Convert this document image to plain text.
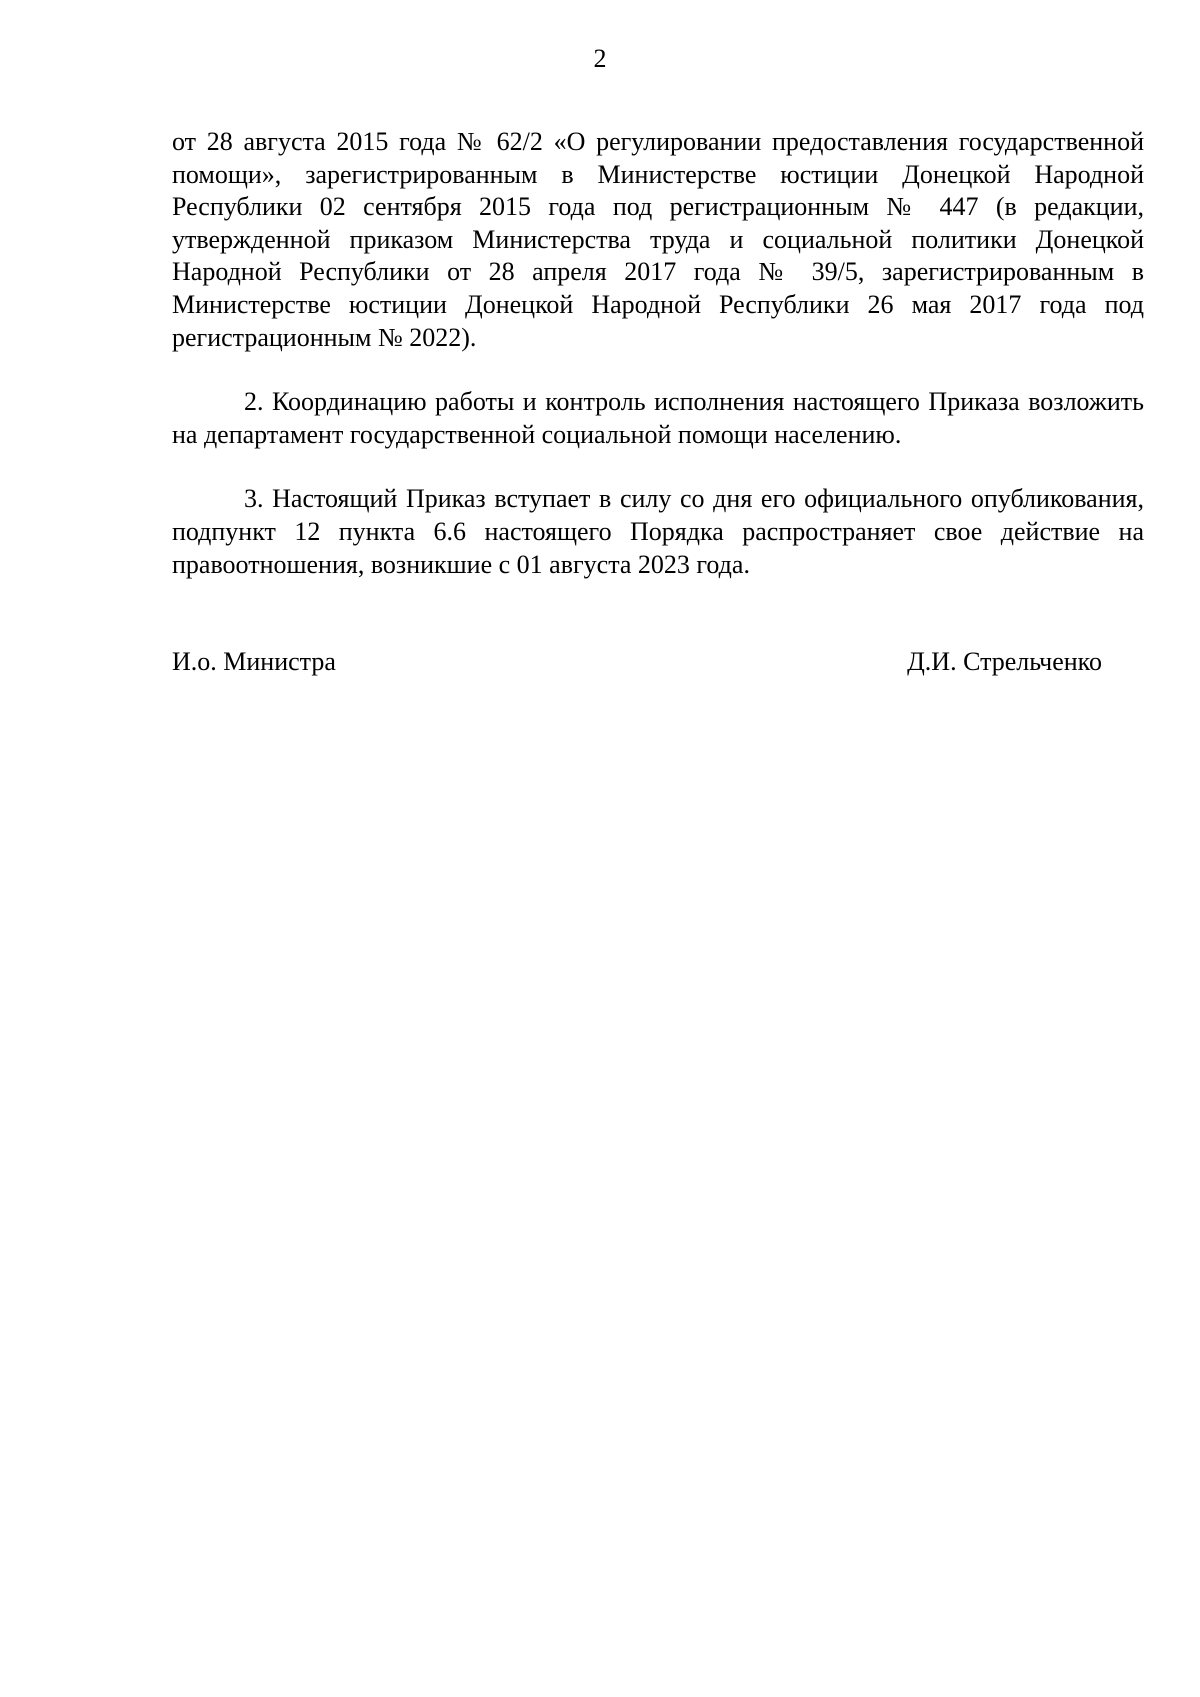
2

от 28 августа 2015 года № 62/2 «О регулировании предоставления государственной помощи», зарегистрированным в Министерстве юстиции Донецкой Народной Республики 02 сентября 2015 года под регистрационным № 447 (в редакции, утвержденной приказом Министерства труда и социальной политики Донецкой Народной Республики от 28 апреля 2017 года № 39/5, зарегистрированным в Министерстве юстиции Донецкой Народной Республики 26 мая 2017 года под регистрационным № 2022).

2. Координацию работы и контроль исполнения настоящего Приказа возложить на департамент государственной социальной помощи населению.

3. Настоящий Приказ вступает в силу со дня его официального опубликования, подпункт 12 пункта 6.6 настоящего Порядка распространяет свое действие на правоотношения, возникшие с 01 августа 2023 года.

И.о. Министра	Д.И. Стрельченко
